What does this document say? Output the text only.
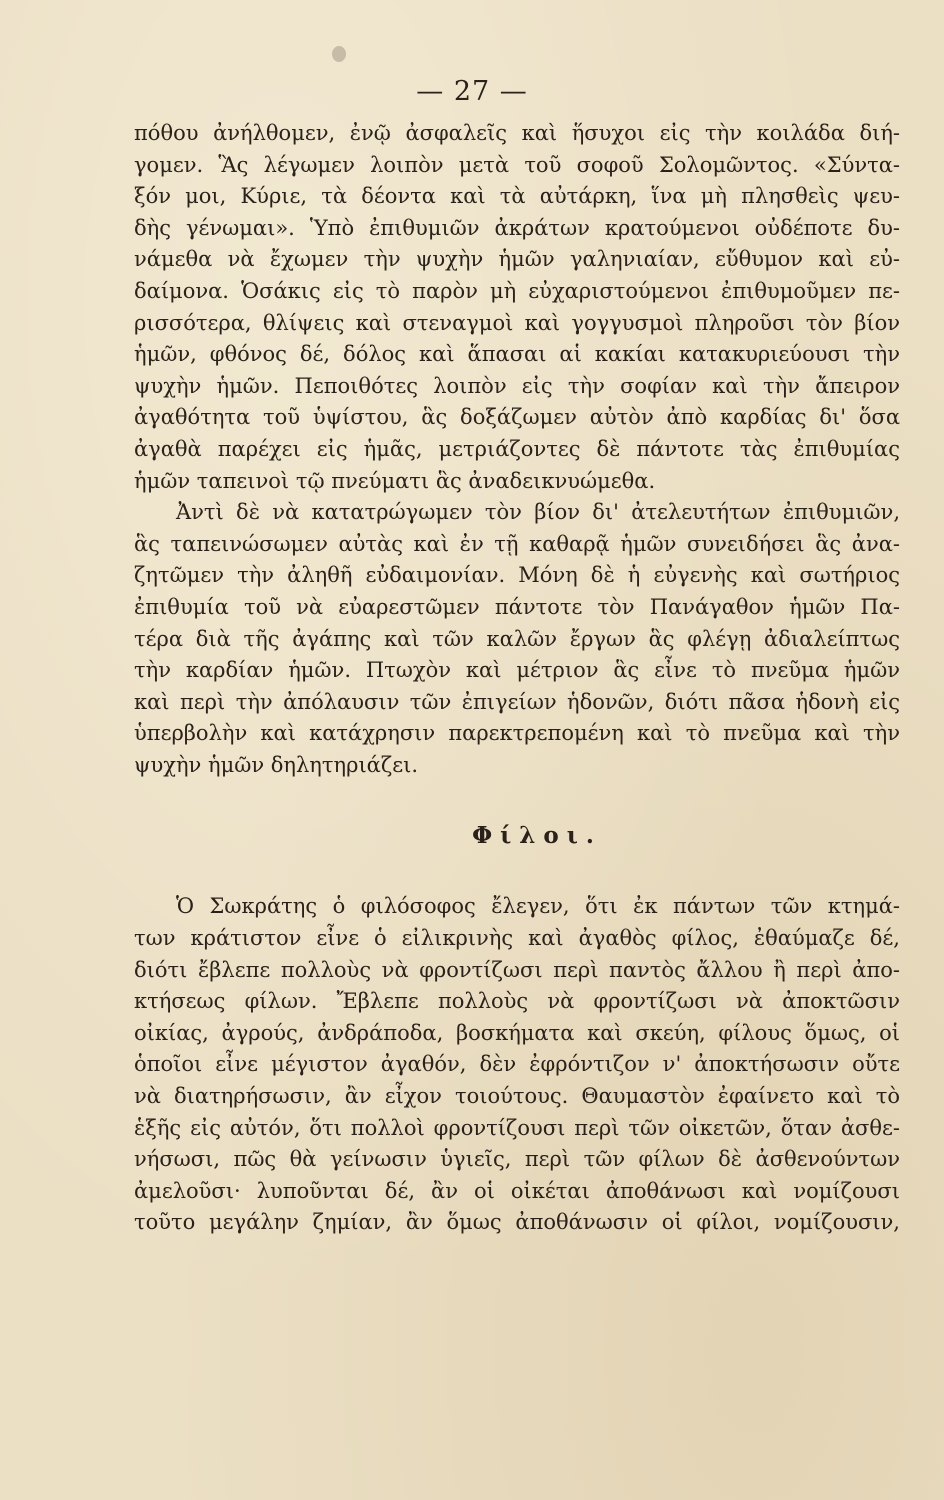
— 27 —
πόθου ἀνήλθομεν, ἐνῷ ἀσφαλεῖς καὶ ἥσυχοι εἰς τὴν κοιλάδα διή-
γομεν. Ἃς λέγωμεν λοιπὸν μετὰ τοῦ σοφοῦ Σολομῶντος. «Σύντα-
ξόν μοι, Κύριε, τὰ δέοντα καὶ τὰ αὐτάρκη, ἵνα μὴ πλησθεὶς ψευ-
δὴς γένωμαι». Ὑπὸ ἐπιθυμιῶν ἀκράτων κρατούμενοι οὐδέποτε δυ-
νάμεθα νὰ ἔχωμεν τὴν ψυχὴν ἡμῶν γαληνιαίαν, εὔθυμον καὶ εὐ-
δαίμονα. Ὁσάκις εἰς τὸ παρὸν μὴ εὐχαριστούμενοι ἐπιθυμοῦμεν πε-
ρισσότερα, θλίψεις καὶ στεναγμοὶ καὶ γογγυσμοὶ πληροῦσι τὸν βίον
ἡμῶν, φθόνος δέ, δόλος καὶ ἅπασαι αἱ κακίαι κατακυριεύουσι τὴν
ψυχὴν ἡμῶν. Πεποιθότες λοιπὸν εἰς τὴν σοφίαν καὶ τὴν ἄπειρον
ἀγαθότητα τοῦ ὑψίστου, ἃς δοξάζωμεν αὐτὸν ἀπὸ καρδίας δι' ὅσα
ἀγαθὰ παρέχει εἰς ἡμᾶς, μετριάζοντες δὲ πάντοτε τὰς ἐπιθυμίας
ἡμῶν ταπεινοὶ τῷ πνεύματι ἃς ἀναδεικνυώμεθα.
Ἀντὶ δὲ νὰ κατατρώγωμεν τὸν βίον δι' ἀτελευτήτων ἐπιθυμιῶν,
ἃς ταπεινώσωμεν αὐτὰς καὶ ἐν τῇ καθαρᾷ ἡμῶν συνειδήσει ἃς ἀνα-
ζητῶμεν τὴν ἀληθῆ εὐδαιμονίαν. Μόνη δὲ ἡ εὐγενὴς καὶ σωτήριος
ἐπιθυμία τοῦ νὰ εὐαρεστῶμεν πάντοτε τὸν Πανάγαθον ἡμῶν Πα-
τέρα διὰ τῆς ἀγάπης καὶ τῶν καλῶν ἔργων ἃς φλέγῃ ἀδιαλείπτως
τὴν καρδίαν ἡμῶν. Πτωχὸν καὶ μέτριον ἃς εἶνε τὸ πνεῦμα ἡμῶν
καὶ περὶ τὴν ἀπόλαυσιν τῶν ἐπιγείων ἡδονῶν, διότι πᾶσα ἡδονὴ εἰς
ὑπερβολὴν καὶ κατάχρησιν παρεκτρεπομένη καὶ τὸ πνεῦμα καὶ τὴν
ψυχὴν ἡμῶν δηλητηριάζει.
Φίλοι.
Ὁ Σωκράτης ὁ φιλόσοφος ἔλεγεν, ὅτι ἐκ πάντων τῶν κτημά-
των κράτιστον εἶνε ὁ εἰλικρινὴς καὶ ἀγαθὸς φίλος, ἐθαύμαζε δέ,
διότι ἔβλεπε πολλοὺς νὰ φροντίζωσι περὶ παντὸς ἄλλου ἢ περὶ ἀπο-
κτήσεως φίλων. Ἔβλεπε πολλοὺς νὰ φροντίζωσι νὰ ἀποκτῶσιν
οἰκίας, ἀγρούς, ἀνδράποδα, βοσκήματα καὶ σκεύη, φίλους ὅμως, οἱ
ὁποῖοι εἶνε μέγιστον ἀγαθόν, δὲν ἐφρόντιζον ν' ἀποκτήσωσιν οὔτε
νὰ διατηρήσωσιν, ἂν εἶχον τοιούτους. Θαυμαστὸν ἐφαίνετο καὶ τὸ
ἑξῆς εἰς αὐτόν, ὅτι πολλοὶ φροντίζουσι περὶ τῶν οἰκετῶν, ὅταν ἀσθε-
νήσωσι, πῶς θὰ γείνωσιν ὑγιεῖς, περὶ τῶν φίλων δὲ ἀσθενούντων
ἀμελοῦσι· λυποῦνται δέ, ἂν οἱ οἰκέται ἀποθάνωσι καὶ νομίζουσι
τοῦτο μεγάλην ζημίαν, ἂν ὅμως ἀποθάνωσιν οἱ φίλοι, νομίζουσιν,
